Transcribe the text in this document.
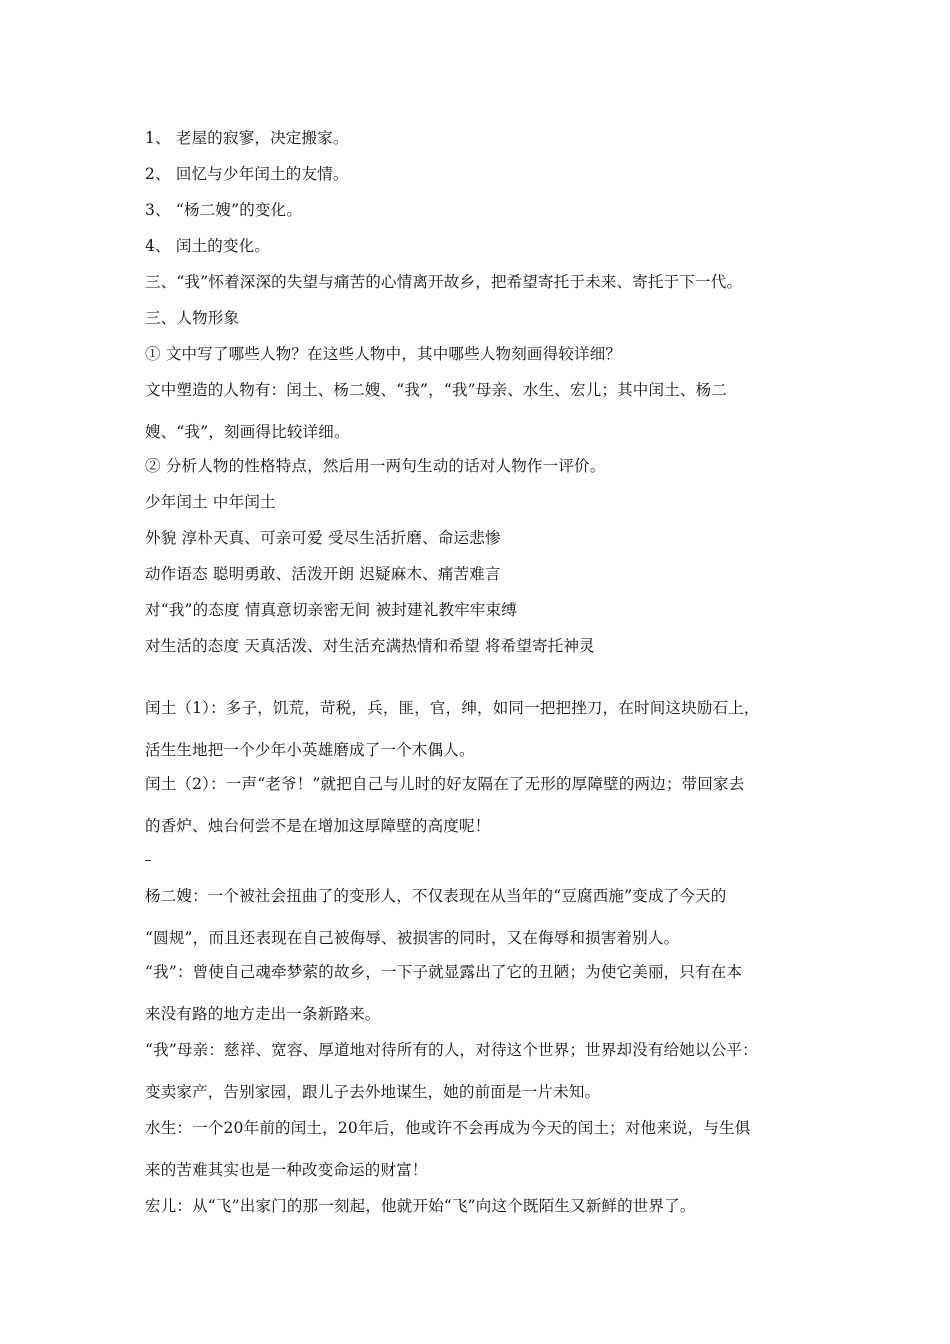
1、 老屋的寂寥，决定搬家。
2、 回忆与少年闰土的友情。
3、 “杨二嫂”的变化。
4、 闰土的变化。
三、“我”怀着深深的失望与痛苦的心情离开故乡，把希望寄托于未来、寄托于下一代。
三、人物形象
① 文中写了哪些人物？在这些人物中，其中哪些人物刻画得较详细？
文中塑造的人物有：闰土、杨二嫂、“我”，“我”母亲、水生、宏儿；其中闰土、杨二
嫂、“我”，刻画得比较详细。
② 分析人物的性格特点，然后用一两句生动的话对人物作一评价。
少年闰土 中年闰土
外貌 淳朴天真、可亲可爱 受尽生活折磨、命运悲惨
动作语态 聪明勇敢、活泼开朗 迟疑麻木、痛苦难言
对“我”的态度 情真意切亲密无间 被封建礼教牢牢束缚
对生活的态度 天真活泼、对生活充满热情和希望 将希望寄托神灵
闰土（1）：多子，饥荒，苛税，兵，匪，官，绅，如同一把把挫刀，在时间这块励石上，
活生生地把一个少年小英雄磨成了一个木偶人。
闰土（2）：一声“老爷！”就把自己与儿时的好友隔在了无形的厚障壁的两边；带回家去
的香炉、烛台何尝不是在增加这厚障壁的高度呢！
杨二嫂：一个被社会扭曲了的变形人，不仅表现在从当年的“豆腐西施”变成了今天的
“圆规”，而且还表现在自己被侮辱、被损害的同时，又在侮辱和损害着别人。
“我”：曾使自己魂牵梦萦的故乡，一下子就显露出了它的丑陋；为使它美丽，只有在本
来没有路的地方走出一条新路来。
“我”母亲：慈祥、宽容、厚道地对待所有的人，对待这个世界；世界却没有给她以公平：
变卖家产，告别家园，跟儿子去外地谋生，她的前面是一片未知。
水生：一个20年前的闰土，20年后，他或许不会再成为今天的闰土；对他来说，与生俱
来的苦难其实也是一种改变命运的财富！
宏儿：从“飞”出家门的那一刻起，他就开始“飞”向这个既陌生又新鲜的世界了。
